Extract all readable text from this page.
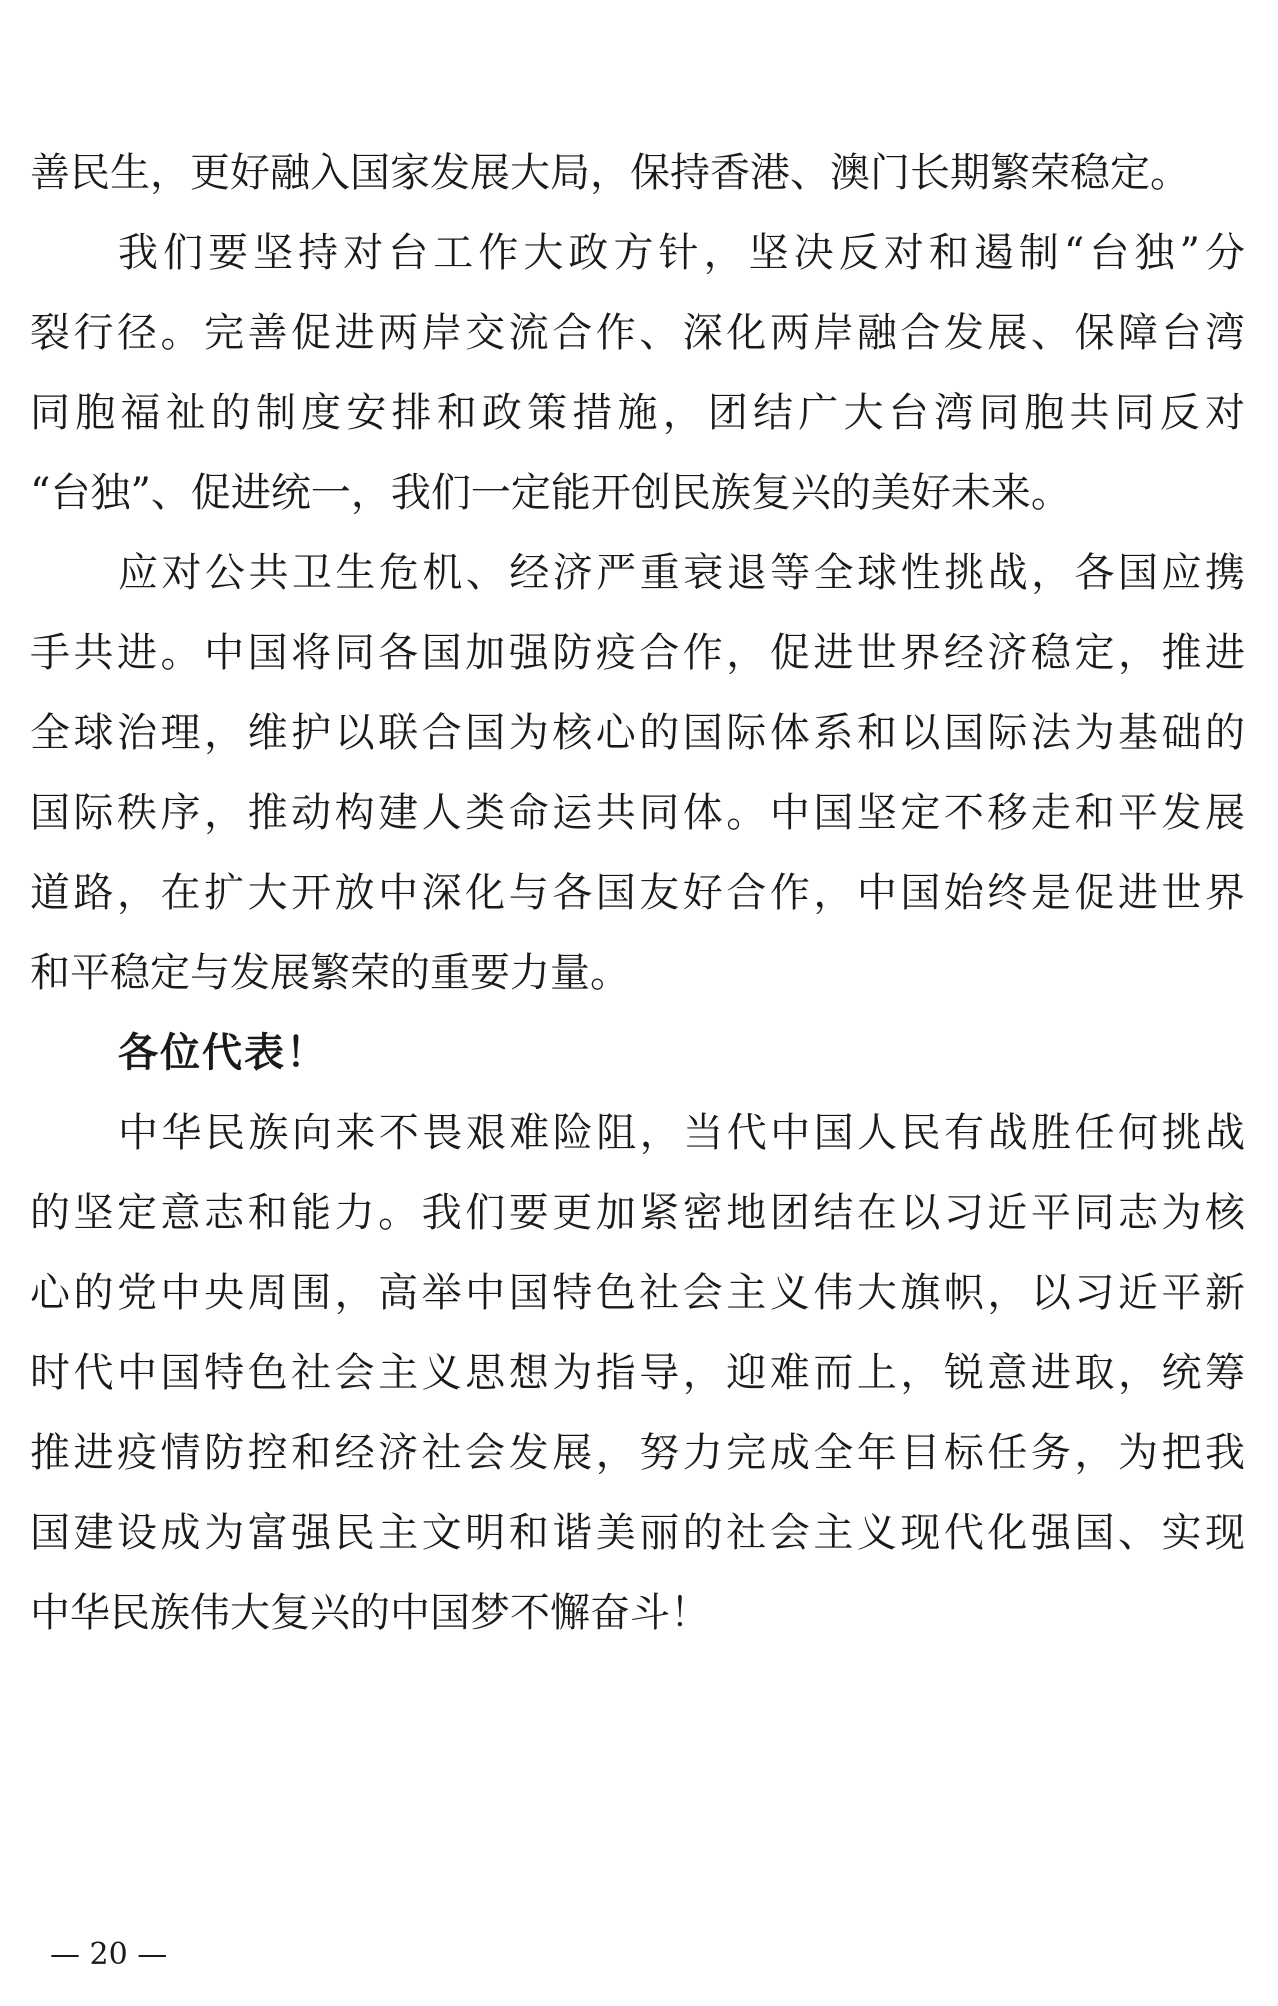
善民生，更好融入国家发展大局，保持香港、澳门长期繁荣稳定。
我们要坚持对台工作大政方针，坚决反对和遏制“台独”分
裂行径。完善促进两岸交流合作、深化两岸融合发展、保障台湾
同胞福祉的制度安排和政策措施，团结广大台湾同胞共同反对
“台独”、促进统一，我们一定能开创民族复兴的美好未来。
应对公共卫生危机、经济严重衰退等全球性挑战，各国应携
手共进。中国将同各国加强防疫合作，促进世界经济稳定，推进
全球治理，维护以联合国为核心的国际体系和以国际法为基础的
国际秩序，推动构建人类命运共同体。中国坚定不移走和平发展
道路，在扩大开放中深化与各国友好合作，中国始终是促进世界
和平稳定与发展繁荣的重要力量。
各位代表！
中华民族向来不畏艰难险阻，当代中国人民有战胜任何挑战
的坚定意志和能力。我们要更加紧密地团结在以习近平同志为核
心的党中央周围，高举中国特色社会主义伟大旗帜，以习近平新
时代中国特色社会主义思想为指导，迎难而上，锐意进取，统筹
推进疫情防控和经济社会发展，努力完成全年目标任务，为把我
国建设成为富强民主文明和谐美丽的社会主义现代化强国、实现
中华民族伟大复兴的中国梦不懈奋斗！
— 20 —
